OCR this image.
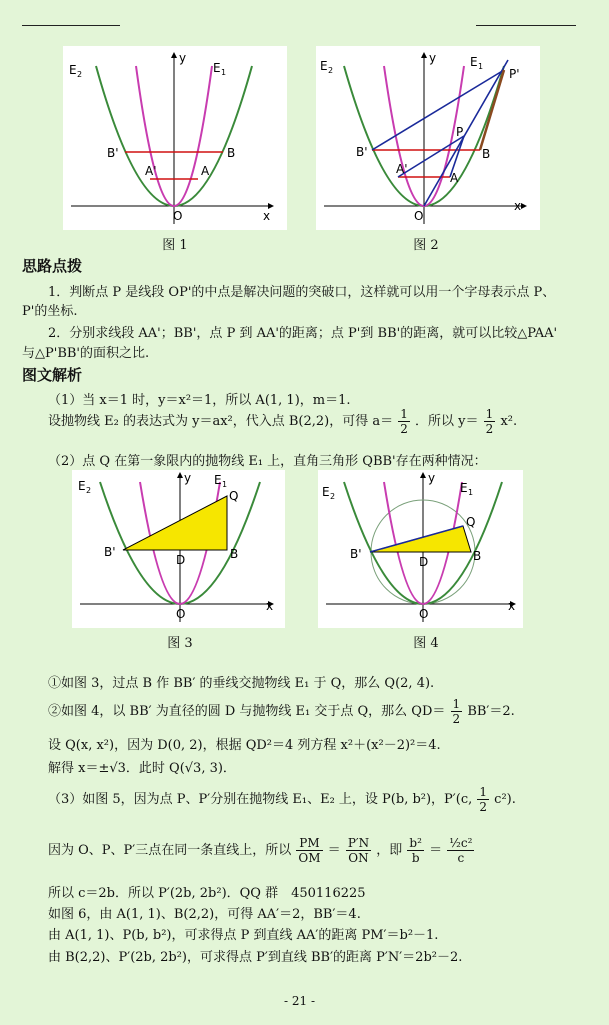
E 2	E 1
y
x
O
B
B'
A
A'
图 1
E 2
E 1
y
x
O
B
B'
A
A'
P
P'
图 2
思路点拨
1．判断点 P 是线段 OP'的中点是解决问题的突破口，这样就可以用一个字母表示点 P、
P'的坐标.
2．分别求线段 AA'；BB'，点 P 到 AA'的距离；点 P'到 BB'的距离，就可以比较△PAA'
与△P'BB'的面积之比.
图文解析
（1）当 x＝1 时，y＝x²＝1，所以 A(1, 1)，m＝1.
设抛物线 E₂ 的表达式为 y＝ax²，代入点 B(2,2)，可得 $a= \frac{1}{2}$ ．所以 $y= \frac{1}{2} x^2$.
（2）点 Q 在第一象限内的抛物线 E₁ 上，直角三角形 QBB'存在两种情况：
E 2
E 1
y
x
O
B
B'
Q
D
图 3
E 2
E 1
y
x
O
B
B'
Q
D
图 4
①如图 3，过点 B 作 BB′ 的垂线交抛物线 E₁ 于 Q，那么 Q(2, 4).
②如图 4，以 BB′ 为直径的圆 D 与抛物线 E₁ 交于点 Q，那么 $QD= \frac{1}{2} BB'=2$.
设 Q(x, x²)，因为 D(0, 2)，根据 QD²＝4 列方程 x²＋(x²－2)²＝4.
解得 x＝±√3．此时 Q(√3, 3)．
（3）如图 5，因为点 P、P′分别在抛物线 E₁、E₂ 上，设 P(b, b²)，P′(c, $\frac{1}{2} c^2$).
因为 O、P、P′三点在同一条直线上，所以 $\frac{PM}{OM} = \frac{P'N}{ON}$ ，即 $\frac{\text{b²}}{b} = \frac{\text{½c²}}{c}$
所以 c＝2b．所以 P′(2b, 2b²)．QQ 群　450116225
如图 6，由 A(1, 1)、B(2,2)，可得 AA′＝2，BB′＝4.
由 A(1, 1)、P(b, b²)，可求得点 P 到直线 AA′的距离 PM′＝b²－1.
由 B(2,2)、P′(2b, 2b²)，可求得点 P′到直线 BB′的距离 P′N′＝2b²－2.
- 21 -
